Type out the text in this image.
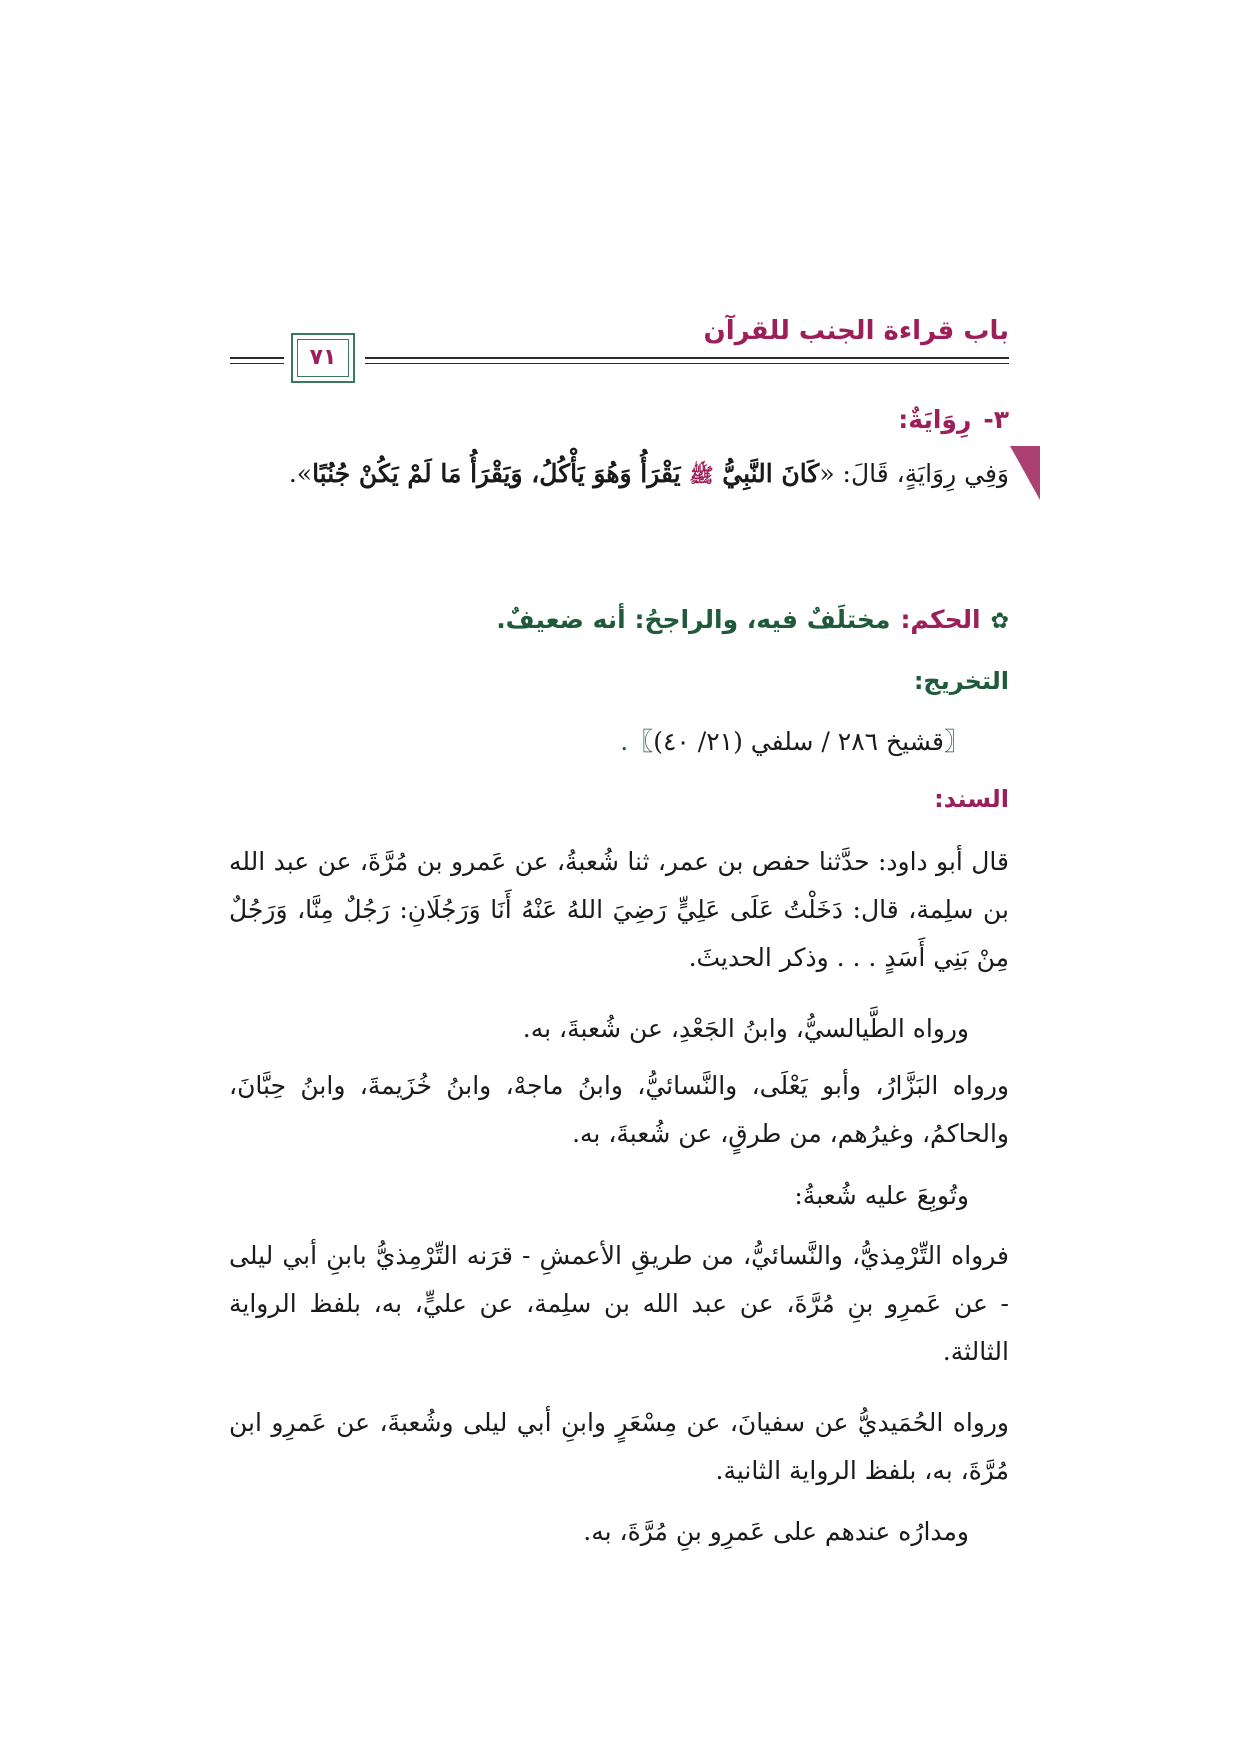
باب قراءة الجنب للقرآن
٧١
٣-رِوَايَةٌ:
وَفِي رِوَايَةٍ، قَالَ: «كَانَ النَّبِيُّ ﷺ يَقْرَأُ وَهُوَ يَأْكُلُ، وَيَقْرَأُ مَا لَمْ يَكُنْ جُنُبًا».
✿الحكم:مختلَفٌ فيه، والراجحُ: أنه ضعيفٌ.
التخريج:
〖قشيخ ٢٨٦ / سلفي (٢١/ ٤٠)〗.
السند:
قال أبو داود: حدَّثنا حفص بن عمر، ثنا شُعبةُ، عن عَمرو بن مُرَّةَ، عن عبد الله بن سلِمة، قال: دَخَلْتُ عَلَى عَلِيٍّ رَضِيَ اللهُ عَنْهُ أَنَا وَرَجُلَانِ: رَجُلٌ مِنَّا، وَرَجُلٌ مِنْ بَنِي أَسَدٍ . . . وذكر الحديثَ.
ورواه الطَّيالسيُّ، وابنُ الجَعْدِ، عن شُعبةَ، به.
ورواه البَزَّارُ، وأبو يَعْلَى، والنَّسائيُّ، وابنُ ماجهْ، وابنُ خُزَيمةَ، وابنُ حِبَّانَ، والحاكمُ، وغيرُهم، من طرقٍ، عن شُعبةَ، به.
وتُوبِعَ عليه شُعبةُ:
فرواه التِّرْمِذيُّ، والنَّسائيُّ، من طريقِ الأعمشِ - قرَنه التِّرْمِذيُّ بابنِ أبي ليلى - عن عَمرِو بنِ مُرَّةَ، عن عبد الله بن سلِمة، عن عليٍّ، به، بلفظ الرواية الثالثة.
ورواه الحُمَيديُّ عن سفيانَ، عن مِسْعَرٍ وابنِ أبي ليلى وشُعبةَ، عن عَمرِو ابن مُرَّةَ، به، بلفظ الرواية الثانية.
ومدارُه عندهم على عَمرِو بنِ مُرَّةَ، به.
